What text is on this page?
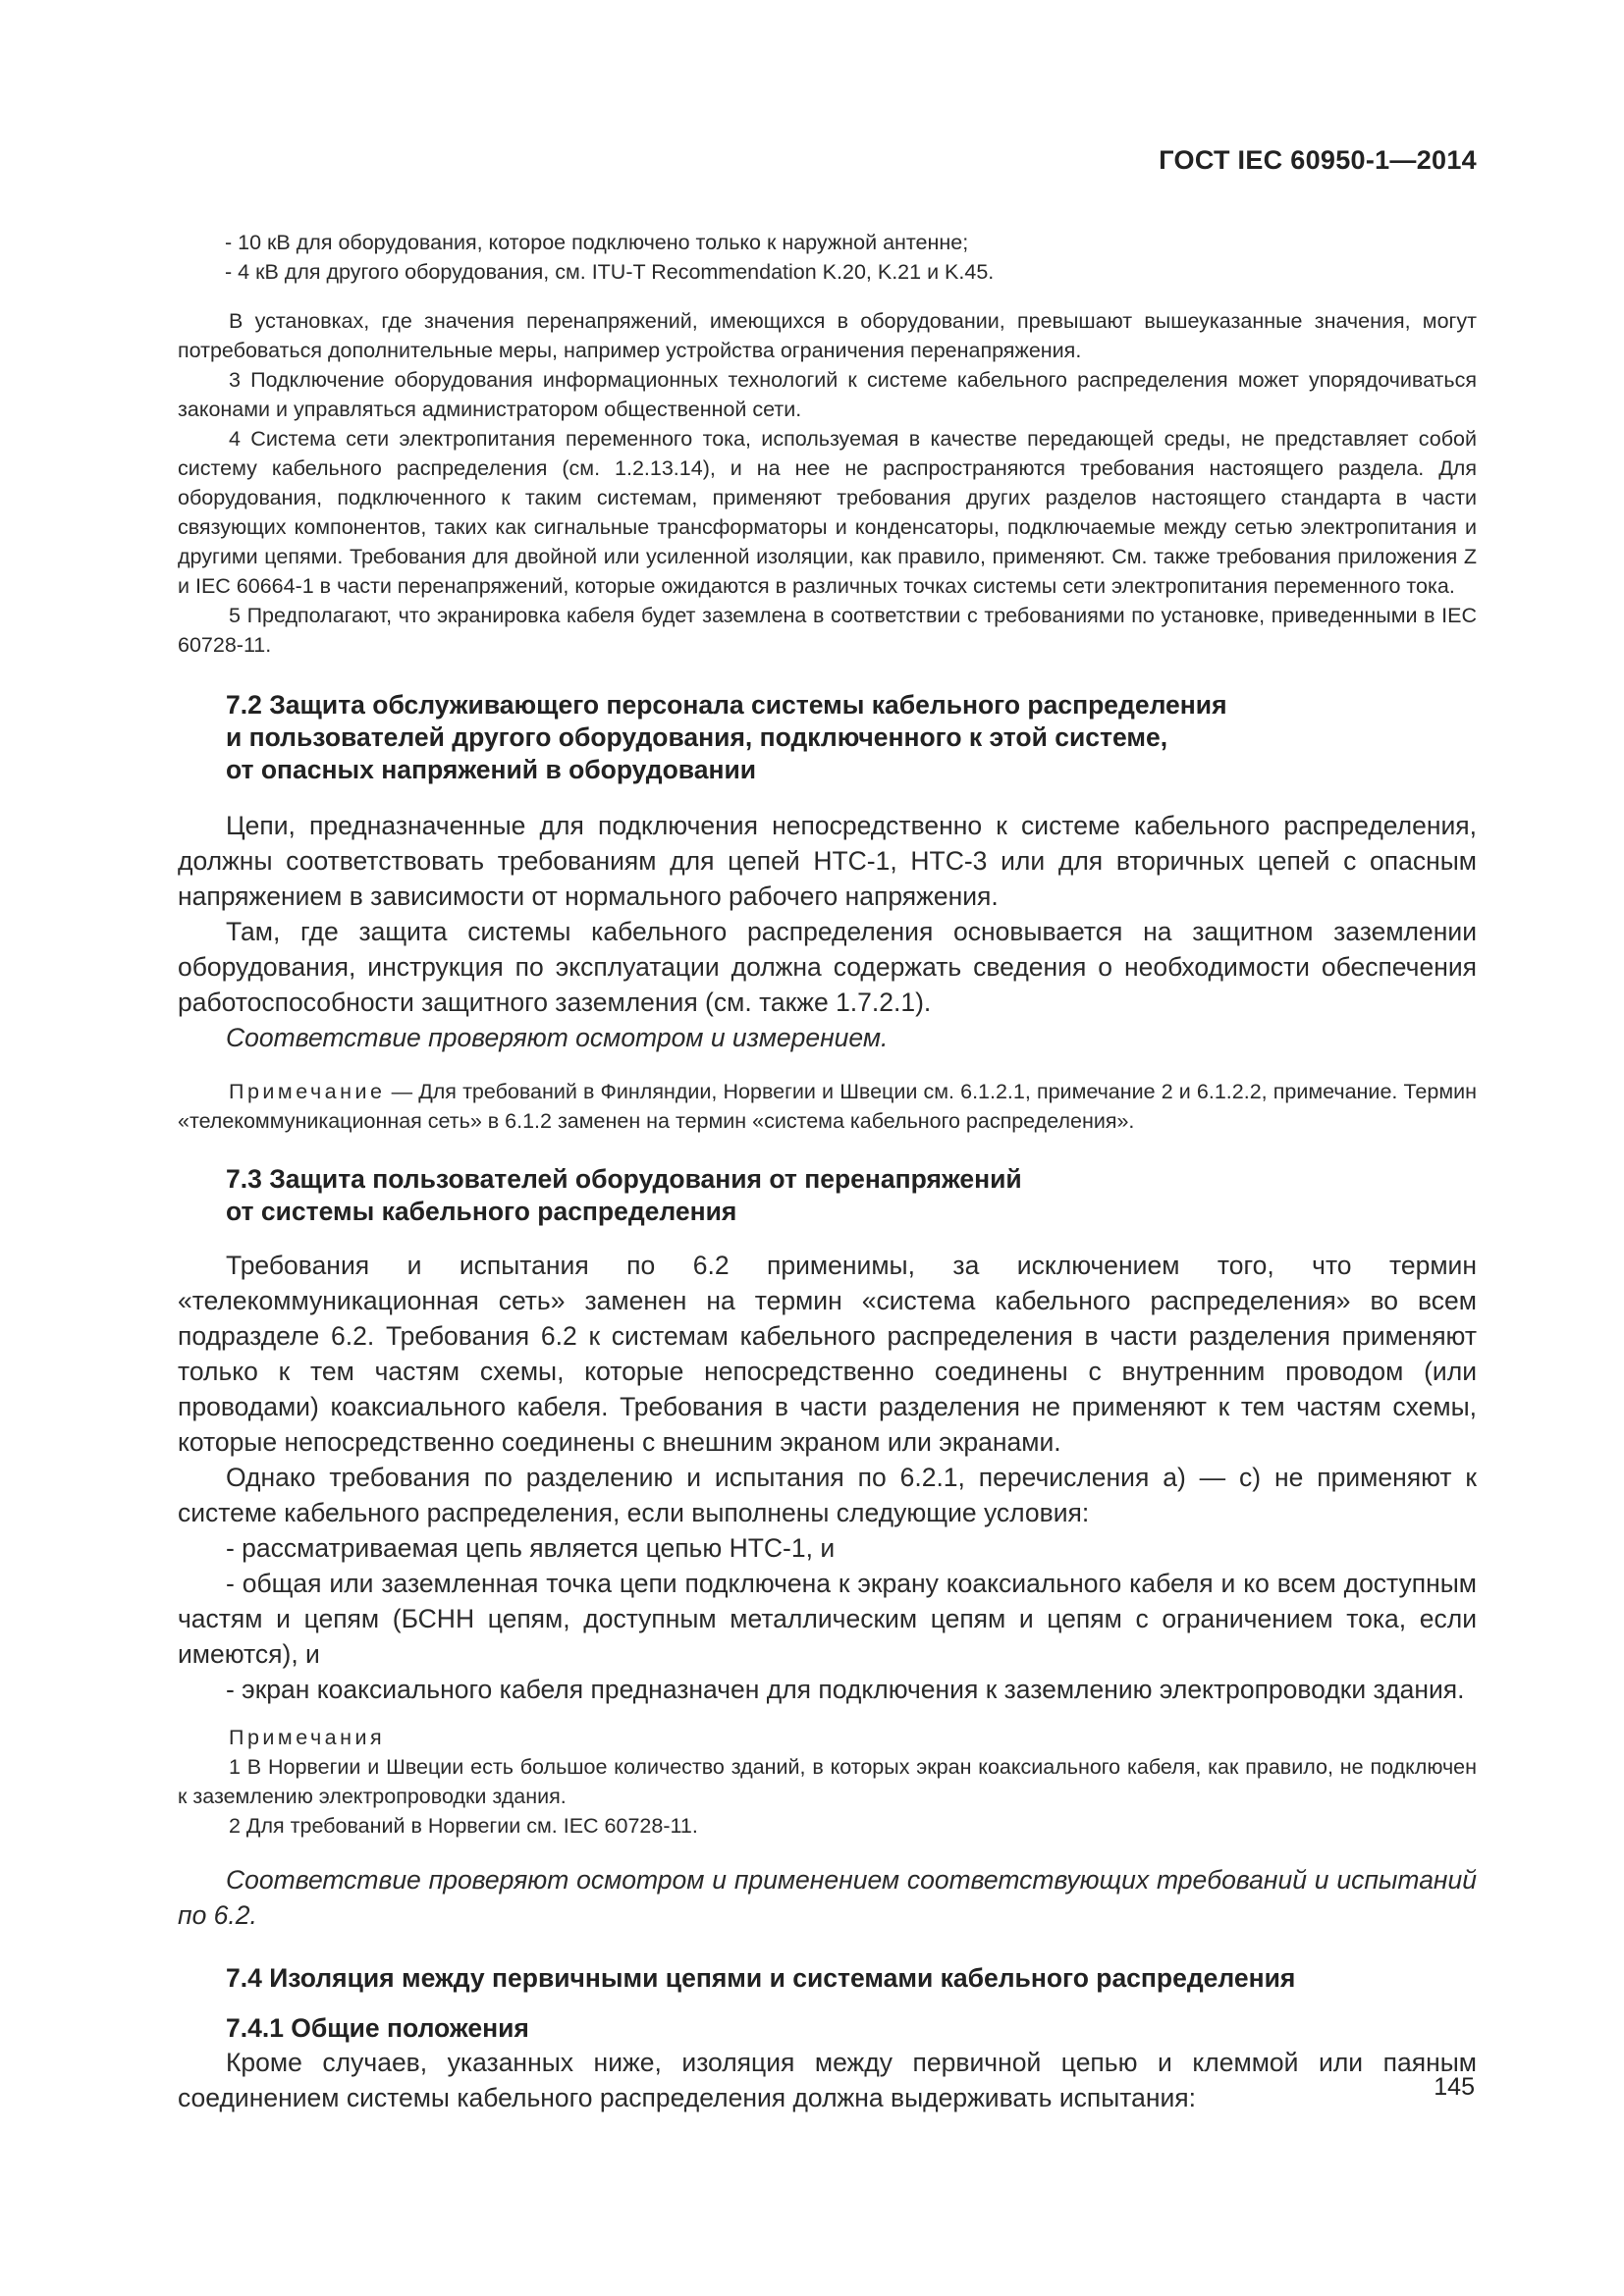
ГОСТ IEC 60950-1—2014

- 10 кВ для оборудования, которое подключено только к наружной антенне;

- 4 кВ для другого оборудования, см. ITU-T Recommendation K.20, K.21 и K.45.

В установках, где значения перенапряжений, имеющихся в оборудовании, превышают вышеуказанные значения, могут потребоваться дополнительные меры, например устройства ограничения перенапряжения.

3 Подключение оборудования информационных технологий к системе кабельного распределения может упорядочиваться законами и управляться администратором общественной сети.

4 Система сети электропитания переменного тока, используемая в качестве передающей среды, не представляет собой систему кабельного распределения (см. 1.2.13.14), и на нее не распространяются требования настоящего раздела. Для оборудования, подключенного к таким системам, применяют требования других разделов настоящего стандарта в части связующих компонентов, таких как сигнальные трансформаторы и конденсаторы, подключаемые между сетью электропитания и другими цепями. Требования для двойной или усиленной изоляции, как правило, применяют. См. также требования приложения Z и IEC 60664-1 в части перенапряжений, которые ожидаются в различных точках системы сети электропитания переменного тока.

5 Предполагают, что экранировка кабеля будет заземлена в соответствии с требованиями по установке, приведенными в IEC 60728-11.

7.2 Защита обслуживающего персонала системы кабельного распределения
и пользователей другого оборудования, подключенного к этой системе,
от опасных напряжений в оборудовании

Цепи, предназначенные для подключения непосредственно к системе кабельного распределения, должны соответствовать требованиям для цепей НТС-1, НТС-3 или для вторичных цепей с опасным напряжением в зависимости от нормального рабочего напряжения.

Там, где защита системы кабельного распределения основывается на защитном заземлении оборудования, инструкция по эксплуатации должна содержать сведения о необходимости обеспечения работоспособности защитного заземления (см. также 1.7.2.1).

Соответствие проверяют осмотром и измерением.

Примечание — Для требований в Финляндии, Норвегии и Швеции см. 6.1.2.1, примечание 2 и 6.1.2.2, примечание. Термин «телекоммуникационная сеть» в 6.1.2 заменен на термин «система кабельного распределения».

7.3 Защита пользователей оборудования от перенапряжений
от системы кабельного распределения

Требования и испытания по 6.2 применимы, за исключением того, что термин «телекоммуникационная сеть» заменен на термин «система кабельного распределения» во всем подразделе 6.2. Требования 6.2 к системам кабельного распределения в части разделения применяют только к тем частям схемы, которые непосредственно соединены с внутренним проводом (или проводами) коаксиального кабеля. Требования в части разделения не применяют к тем частям схемы, которые непосредственно соединены с внешним экраном или экранами.

Однако требования по разделению и испытания по 6.2.1, перечисления а) — с) не применяют к системе кабельного распределения, если выполнены следующие условия:

- рассматриваемая цепь является цепью НТС-1, и

- общая или заземленная точка цепи подключена к экрану коаксиального кабеля и ко всем доступным частям и цепям (БСНН цепям, доступным металлическим цепям и цепям с ограничением тока, если имеются), и

- экран коаксиального кабеля предназначен для подключения к заземлению электропроводки здания.

Примечания

1 В Норвегии и Швеции есть большое количество зданий, в которых экран коаксиального кабеля, как правило, не подключен к заземлению электропроводки здания.

2 Для требований в Норвегии см. IEC 60728-11.

Соответствие проверяют осмотром и применением соответствующих требований и испытаний по 6.2.

7.4 Изоляция между первичными цепями и системами кабельного распределения
7.4.1 Общие положения

Кроме случаев, указанных ниже, изоляция между первичной цепью и клеммой или паяным соединением системы кабельного распределения должна выдерживать испытания:	145
